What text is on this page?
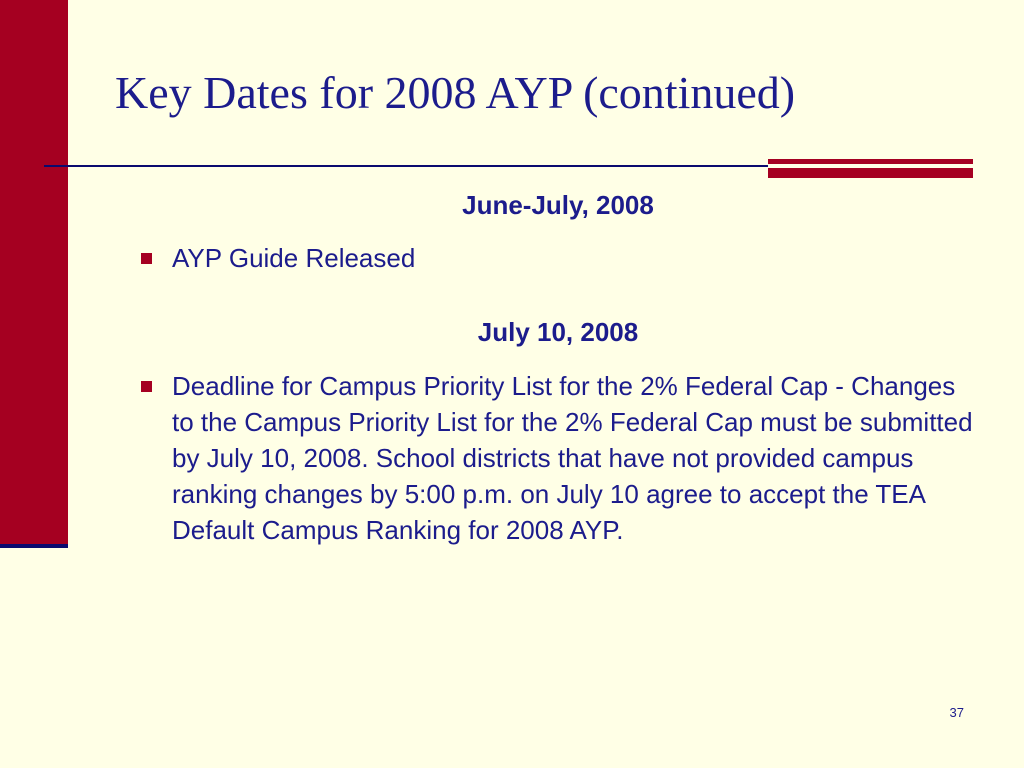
Key Dates for 2008 AYP (continued)
June-July, 2008
AYP Guide Released
July 10, 2008
Deadline for Campus Priority List for the 2% Federal Cap - Changes to the Campus Priority List for the 2% Federal Cap must be submitted by July 10, 2008. School districts that have not provided campus ranking changes by 5:00 p.m. on July 10 agree to accept the TEA Default Campus Ranking for 2008 AYP.
37
